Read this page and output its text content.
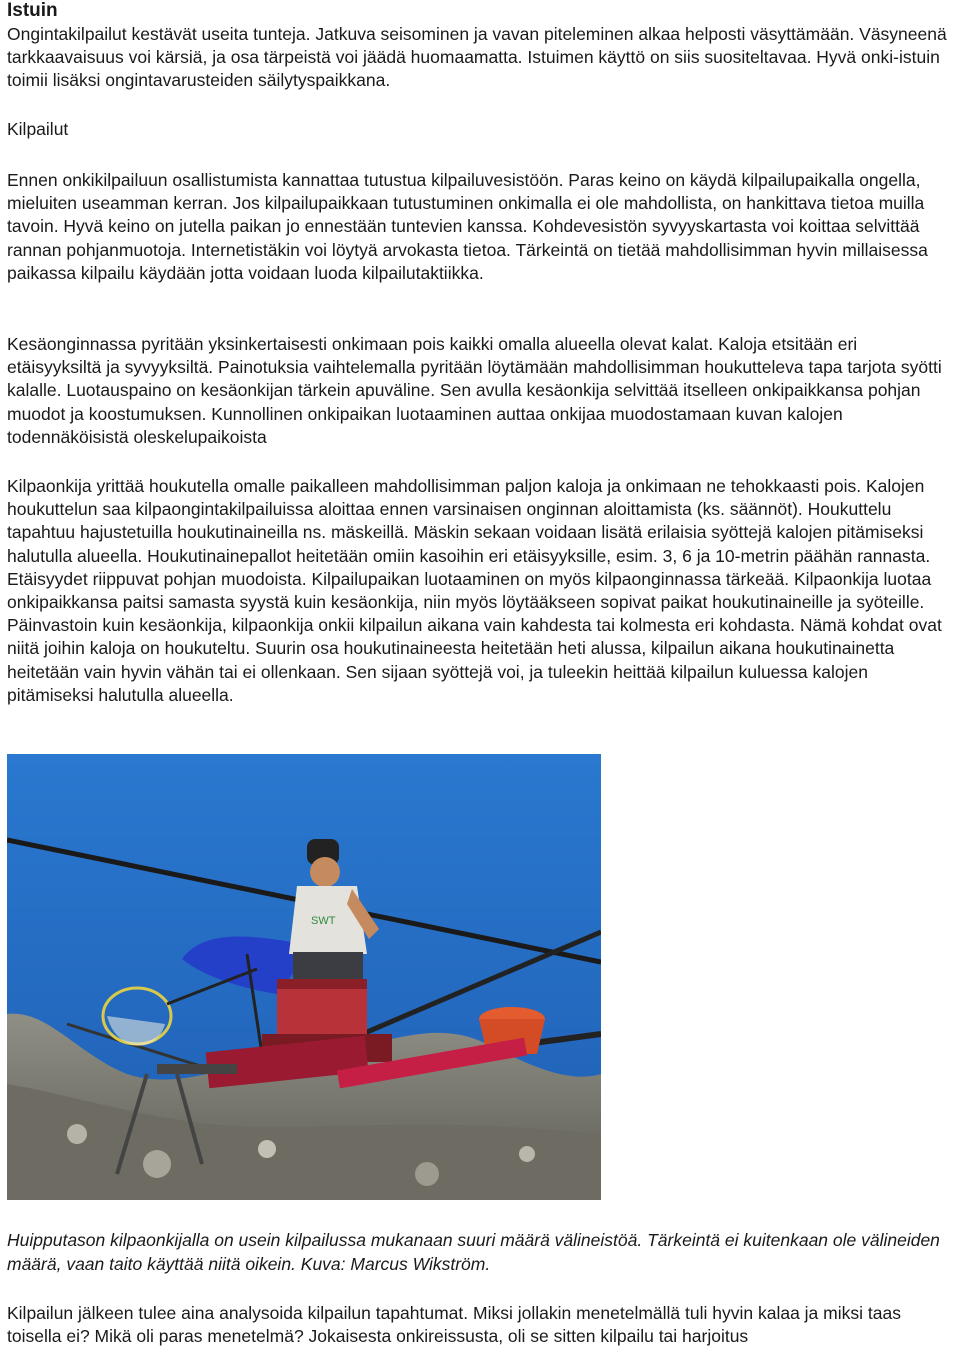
Istuin

Ongintakilpailut kestävät useita tunteja. Jatkuva seisominen ja vavan piteleminen alkaa helposti väsyttämään. Väsyneenä tarkkaavaisuus voi kärsiä, ja osa tärpeistä voi jäädä huomaamatta. Istuimen käyttö on siis suositeltavaa. Hyvä onki-istuin toimii lisäksi ongintavarusteiden säilytyspaikkana.

Kilpailut

Ennen onkikilpailuun osallistumista kannattaa tutustua kilpailuvesistöön. Paras keino on käydä kilpailupaikalla ongella, mieluiten useamman kerran. Jos kilpailupaikkaan tutustuminen onkimalla ei ole mahdollista, on hankittava tietoa muilla tavoin. Hyvä keino on jutella paikan jo ennestään tuntevien kanssa. Kohdevesistön syvyyskartasta voi koittaa selvittää rannan pohjanmuotoja. Internetistäkin voi löytyä arvokasta tietoa. Tärkeintä on tietää mahdollisimman hyvin millaisessa paikassa kilpailu käydään jotta voidaan luoda kilpailutaktiikka.

Kesäonginnassa pyritään yksinkertaisesti onkimaan pois kaikki omalla alueella olevat kalat. Kaloja etsitään eri etäisyyksiltä ja syvyyksiltä. Painotuksia vaihtelemalla pyritään löytämään mahdollisimman houkutteleva tapa tarjota syötti kalalle. Luotauspaino on kesäonkijan tärkein apuväline. Sen avulla kesäonkija selvittää itselleen onkipaikkansa pohjan muodot ja koostumuksen. Kunnollinen onkipaikan luotaaminen auttaa onkijaa muodostamaan kuvan kalojen todennäköisistä oleskelupaikoista

Kilpaonkija yrittää houkutella omalle paikalleen mahdollisimman paljon kaloja ja onkimaan ne tehokkaasti pois. Kalojen houkuttelun saa kilpaongintakilpailuissa aloittaa ennen varsinaisen onginnan aloittamista (ks. säännöt). Houkuttelu tapahtuu hajustetuilla houkutinaineilla ns. mäskeillä. Mäskin sekaan voidaan lisätä erilaisia syöttejä kalojen pitämiseksi halutulla alueella. Houkutinainepallot heitetään omiin kasoihin eri etäisyyksille, esim. 3, 6 ja 10-metrin päähän rannasta. Etäisyydet riippuvat pohjan muodoista. Kilpailupaikan luotaaminen on myös kilpaonginnassa tärkeää. Kilpaonkija luotaa onkipaikkansa paitsi samasta syystä kuin kesäonkija, niin myös löytääkseen sopivat paikat houkutinaineille ja syöteille. Päinvastoin kuin kesäonkija, kilpaonkija onkii kilpailun aikana vain kahdesta tai kolmesta eri kohdasta. Nämä kohdat ovat niitä joihin kaloja on houkuteltu. Suurin osa houkutinaineesta heitetään heti alussa, kilpailun aikana houkutinainetta heitetään vain hyvin vähän tai ei ollenkaan. Sen sijaan syöttejä voi, ja tuleekin heittää kilpailun kuluessa kalojen pitämiseksi halutulla alueella.

SWT

Huipputason kilpaonkijalla on usein kilpailussa mukanaan suuri määrä välineistöä. Tärkeintä ei kuitenkaan ole välineiden määrä, vaan taito käyttää niitä oikein. Kuva: Marcus Wikström.

Kilpailun jälkeen tulee aina analysoida kilpailun tapahtumat. Miksi jollakin menetelmällä tuli hyvin kalaa ja miksi taas toisella ei? Mikä oli paras menetelmä? Jokaisesta onkireissusta, oli se sitten kilpailu tai harjoitus
